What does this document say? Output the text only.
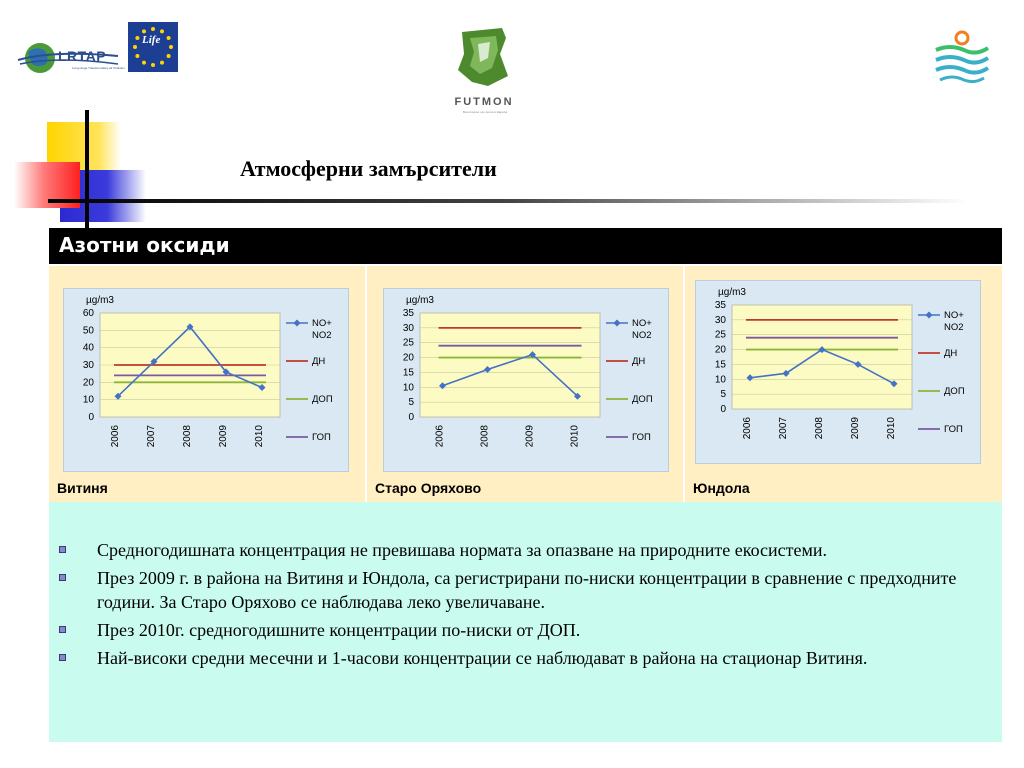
LRTAP
Long-range Transboundary Air Pollution
Life
FUTMON
Мониторинг на горите в Европа
Атмосферни замърсители
Азотни оксиди
µg/m3
0
10
20
30
40
50
60
2006	2007	2008	2009	2010
NO+
NO2
ДН
ДОП
ГОП
Витиня
µg/m3
0
5
10
15
20
25
30
35
2006	2008	2009	2010
NO+
NO2
ДН
ДОП
ГОП
Старо Оряхово
µg/m3
0
5
10
15
20
25
30
35
2006	2007	2008	2009	2010
NO+
NO2
ДН
ДОП
ГОП
Юндола
Средногодишната концентрация не превишава нормата за опазване на природните екосистеми.
През 2009 г. в района на Витиня и Юндола, са регистрирани по-ниски концентрации в сравнение с предходните години. За Старо Оряхово се наблюдава леко увеличаване.
През 2010г. средногодишните концентрации по-ниски от ДОП.
Най-високи средни месечни и 1-часови концентрации се наблюдават в района на стационар Витиня.
